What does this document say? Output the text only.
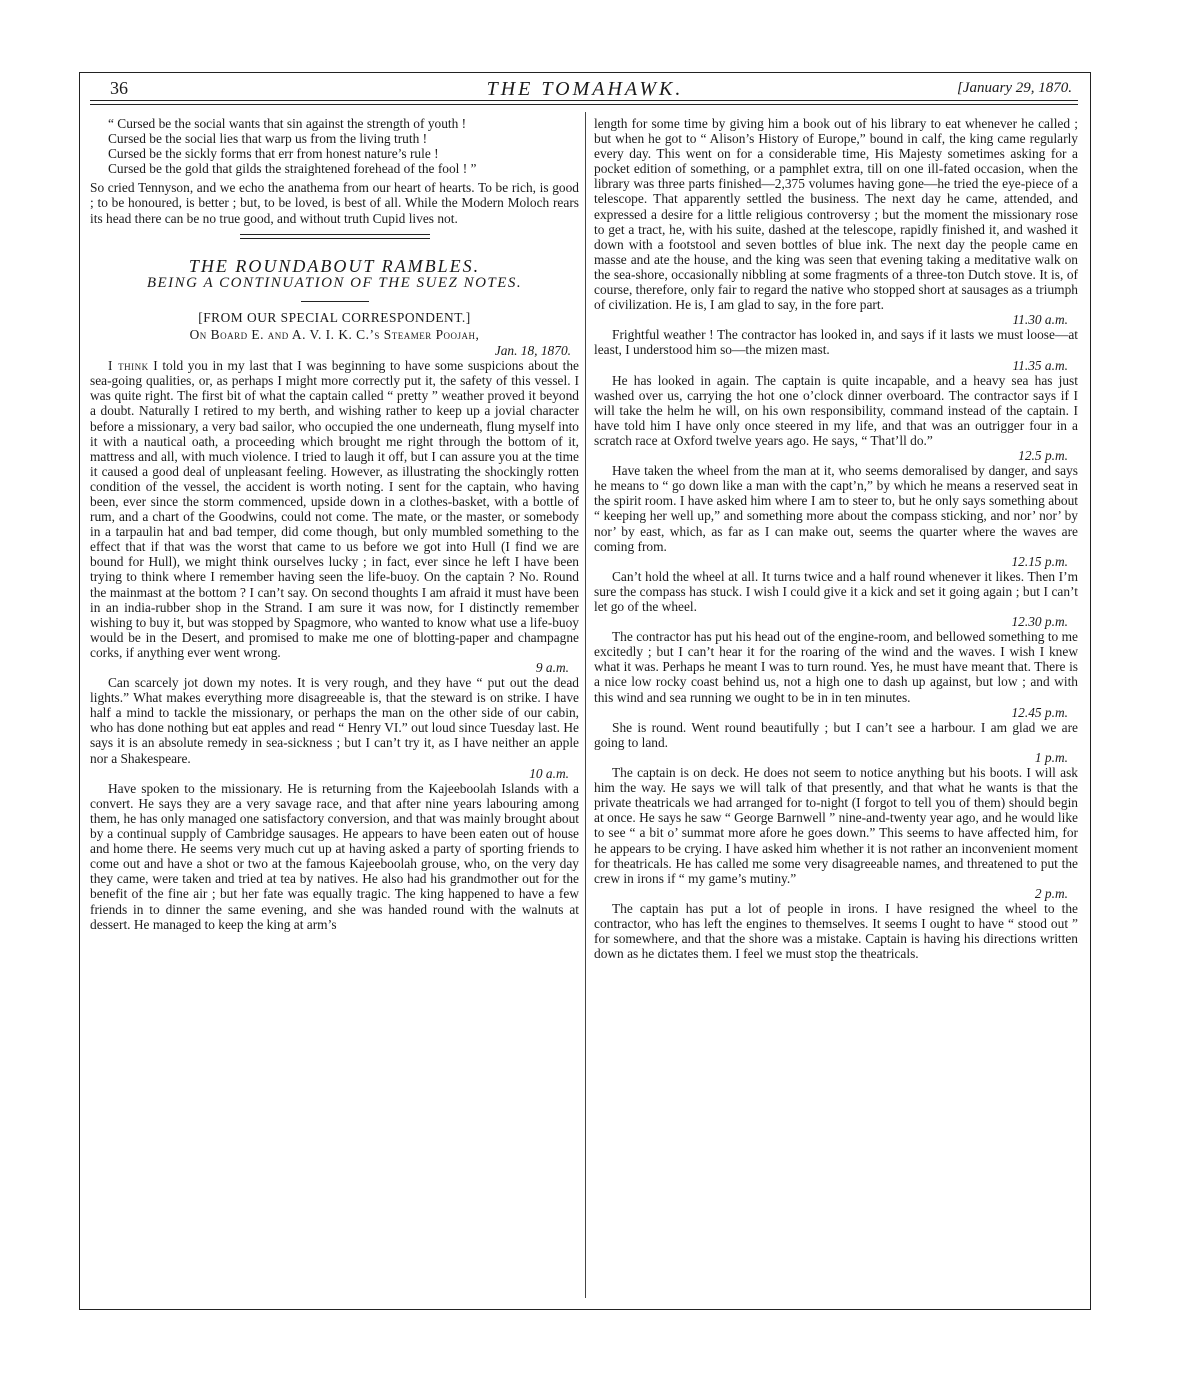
36	THE TOMAHAWK.	[January 29, 1870.

“ Cursed be the social wants that sin against the strength of youth !

Cursed be the social lies that warp us from the living truth !

Cursed be the sickly forms that err from honest nature’s rule !

Cursed be the gold that gilds the straightened forehead of the fool ! ”

So cried Tennyson, and we echo the anathema from our heart of hearts. To be rich, is good ; to be honoured, is better ; but, to be loved, is best of all. While the Modern Moloch rears its head there can be no true good, and without truth Cupid lives not.

THE ROUNDABOUT RAMBLES.
BEING A CONTINUATION OF THE SUEZ NOTES.

[FROM OUR SPECIAL CORRESPONDENT.]

On Board E. and A. V. I. K. C.’s Steamer Poojah,

Jan. 18, 1870.

I think I told you in my last that I was beginning to have some suspicions about the sea-going qualities, or, as perhaps I might more correctly put it, the safety of this vessel. I was quite right. The first bit of what the captain called “ pretty ” weather proved it beyond a doubt. Naturally I retired to my berth, and wishing rather to keep up a jovial character before a missionary, a very bad sailor, who occupied the one underneath, flung myself into it with a nautical oath, a proceeding which brought me right through the bottom of it, mattress and all, with much violence. I tried to laugh it off, but I can assure you at the time it caused a good deal of unpleasant feeling. However, as illustrating the shockingly rotten condition of the vessel, the accident is worth noting. I sent for the captain, who having been, ever since the storm commenced, upside down in a clothes-basket, with a bottle of rum, and a chart of the Goodwins, could not come. The mate, or the master, or somebody in a tarpaulin hat and bad temper, did come though, but only mumbled something to the effect that if that was the worst that came to us before we got into Hull (I find we are bound for Hull), we might think ourselves lucky ; in fact, ever since he left I have been trying to think where I remember having seen the life-buoy. On the captain ? No. Round the mainmast at the bottom ? I can’t say. On second thoughts I am afraid it must have been in an india-rubber shop in the Strand. I am sure it was now, for I distinctly remember wishing to buy it, but was stopped by Spagmore, who wanted to know what use a life-buoy would be in the Desert, and promised to make me one of blotting-paper and champagne corks, if anything ever went wrong.

9 a.m.

Can scarcely jot down my notes. It is very rough, and they have “ put out the dead lights.” What makes everything more disagreeable is, that the steward is on strike. I have half a mind to tackle the missionary, or perhaps the man on the other side of our cabin, who has done nothing but eat apples and read “ Henry VI.” out loud since Tuesday last. He says it is an absolute remedy in sea-sickness ; but I can’t try it, as I have neither an apple nor a Shakespeare.

10 a.m.

Have spoken to the missionary. He is returning from the Kajeeboolah Islands with a convert. He says they are a very savage race, and that after nine years labouring among them, he has only managed one satisfactory conversion, and that was mainly brought about by a continual supply of Cambridge sausages. He appears to have been eaten out of house and home there. He seems very much cut up at having asked a party of sporting friends to come out and have a shot or two at the famous Kajeeboolah grouse, who, on the very day they came, were taken and tried at tea by natives. He also had his grandmother out for the benefit of the fine air ; but her fate was equally tragic. The king happened to have a few friends in to dinner the same evening, and she was handed round with the walnuts at dessert. He managed to keep the king at arm’s

length for some time by giving him a book out of his library to eat whenever he called ; but when he got to “ Alison’s History of Europe,” bound in calf, the king came regularly every day. This went on for a considerable time, His Majesty sometimes asking for a pocket edition of something, or a pamphlet extra, till on one ill-fated occasion, when the library was three parts finished—2,375 volumes having gone—he tried the eye-piece of a telescope. That apparently settled the business. The next day he came, attended, and expressed a desire for a little religious controversy ; but the moment the missionary rose to get a tract, he, with his suite, dashed at the telescope, rapidly finished it, and washed it down with a footstool and seven bottles of blue ink. The next day the people came en masse and ate the house, and the king was seen that evening taking a meditative walk on the sea-shore, occasionally nibbling at some fragments of a three-ton Dutch stove. It is, of course, therefore, only fair to regard the native who stopped short at sausages as a triumph of civilization. He is, I am glad to say, in the fore part.

11.30 a.m.

Frightful weather ! The contractor has looked in, and says if it lasts we must loose—at least, I understood him so—the mizen mast.

11.35 a.m.

He has looked in again. The captain is quite incapable, and a heavy sea has just washed over us, carrying the hot one o’clock dinner overboard. The contractor says if I will take the helm he will, on his own responsibility, command instead of the captain. I have told him I have only once steered in my life, and that was an outrigger four in a scratch race at Oxford twelve years ago. He says, “ That’ll do.”

12.5 p.m.

Have taken the wheel from the man at it, who seems demoralised by danger, and says he means to “ go down like a man with the capt’n,” by which he means a reserved seat in the spirit room. I have asked him where I am to steer to, but he only says something about “ keeping her well up,” and something more about the compass sticking, and nor’ nor’ by nor’ by east, which, as far as I can make out, seems the quarter where the waves are coming from.

12.15 p.m.

Can’t hold the wheel at all. It turns twice and a half round whenever it likes. Then I’m sure the compass has stuck. I wish I could give it a kick and set it going again ; but I can’t let go of the wheel.

12.30 p.m.

The contractor has put his head out of the engine-room, and bellowed something to me excitedly ; but I can’t hear it for the roaring of the wind and the waves. I wish I knew what it was. Perhaps he meant I was to turn round. Yes, he must have meant that. There is a nice low rocky coast behind us, not a high one to dash up against, but low ; and with this wind and sea running we ought to be in in ten minutes.

12.45 p.m.

She is round. Went round beautifully ; but I can’t see a harbour. I am glad we are going to land.

1 p.m.

The captain is on deck. He does not seem to notice anything but his boots. I will ask him the way. He says we will talk of that presently, and that what he wants is that the private theatricals we had arranged for to-night (I forgot to tell you of them) should begin at once. He says he saw “ George Barnwell ” nine-and-twenty year ago, and he would like to see “ a bit o’ summat more afore he goes down.” This seems to have affected him, for he appears to be crying. I have asked him whether it is not rather an inconvenient moment for theatricals. He has called me some very disagreeable names, and threatened to put the crew in irons if “ my game’s mutiny.”

2 p.m.

The captain has put a lot of people in irons. I have resigned the wheel to the contractor, who has left the engines to themselves. It seems I ought to have “ stood out ” for somewhere, and that the shore was a mistake. Captain is having his directions written down as he dictates them. I feel we must stop the theatricals.
